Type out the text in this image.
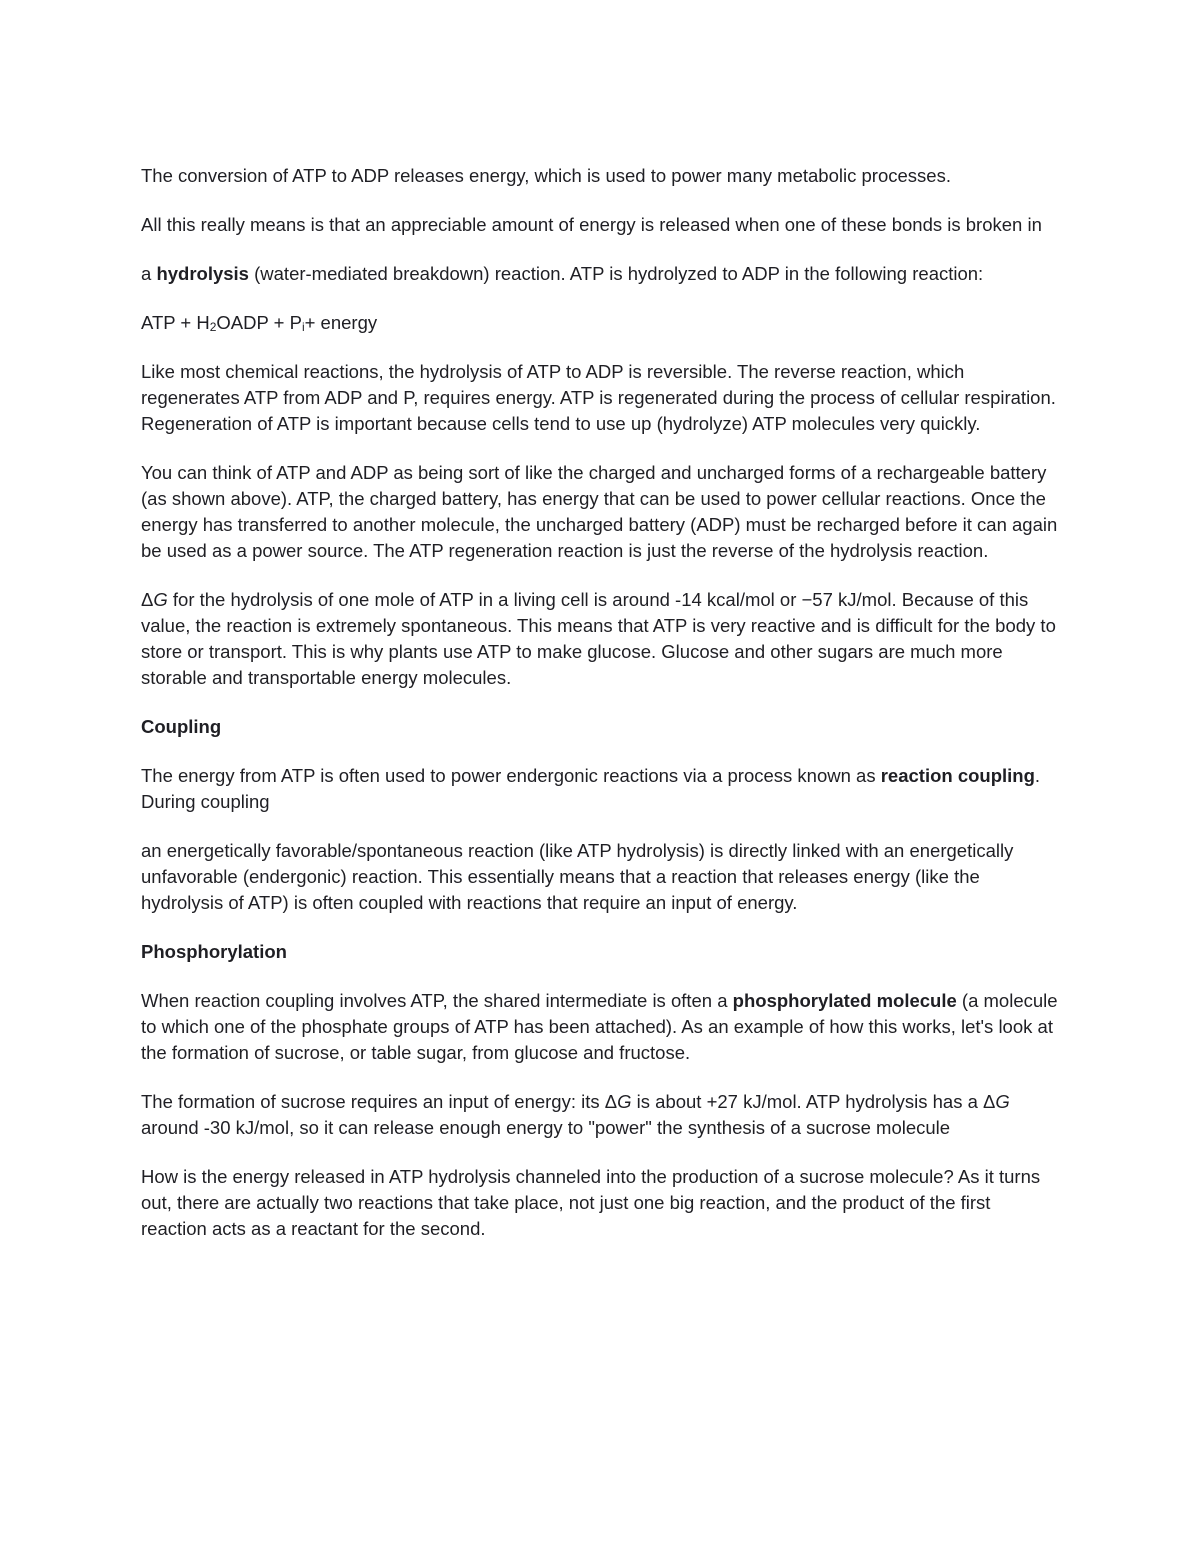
The conversion of ATP to ADP releases energy, which is used to power many metabolic processes.

All this really means is that an appreciable amount of energy is released when one of these bonds is broken in

a hydrolysis (water-mediated breakdown) reaction. ATP is hydrolyzed to ADP in the following reaction:

ATP + $H_2OADP + P_i+$ energy

Like most chemical reactions, the hydrolysis of ATP to ADP is reversible. The reverse reaction, which regenerates ATP from ADP and P, requires energy. ATP is regenerated during the process of cellular respiration. Regeneration of ATP is important because cells tend to use up (hydrolyze) ATP molecules very quickly.

You can think of ATP and ADP as being sort of like the charged and uncharged forms of a rechargeable battery (as shown above). ATP, the charged battery, has energy that can be used to power cellular reactions. Once the energy has transferred to another molecule, the uncharged battery (ADP) must be recharged before it can again be used as a power source. The ATP regeneration reaction is just the reverse of the hydrolysis reaction.

ΔG for the hydrolysis of one mole of ATP in a living cell is around -14 kcal/mol or −57 kJ/mol. Because of this value, the reaction is extremely spontaneous. This means that ATP is very reactive and is difficult for the body to store or transport. This is why plants use ATP to make glucose. Glucose and other sugars are much more storable and transportable energy molecules.

Coupling

The energy from ATP is often used to power endergonic reactions via a process known as reaction coupling. During coupling

an energetically favorable/spontaneous reaction (like ATP hydrolysis) is directly linked with an energetically unfavorable (endergonic) reaction. This essentially means that a reaction that releases energy (like the hydrolysis of ATP) is often coupled with reactions that require an input of energy.

Phosphorylation

When reaction coupling involves ATP, the shared intermediate is often a phosphorylated molecule (a molecule to which one of the phosphate groups of ATP has been attached). As an example of how this works, let's look at the formation of sucrose, or table sugar, from glucose and fructose.

The formation of sucrose requires an input of energy: its ΔG is about +27 kJ/mol. ATP hydrolysis has a ΔG around -30 kJ/mol, so it can release enough energy to "power" the synthesis of a sucrose molecule

How is the energy released in ATP hydrolysis channeled into the production of a sucrose molecule? As it turns out, there are actually two reactions that take place, not just one big reaction, and the product of the first reaction acts as a reactant for the second.
